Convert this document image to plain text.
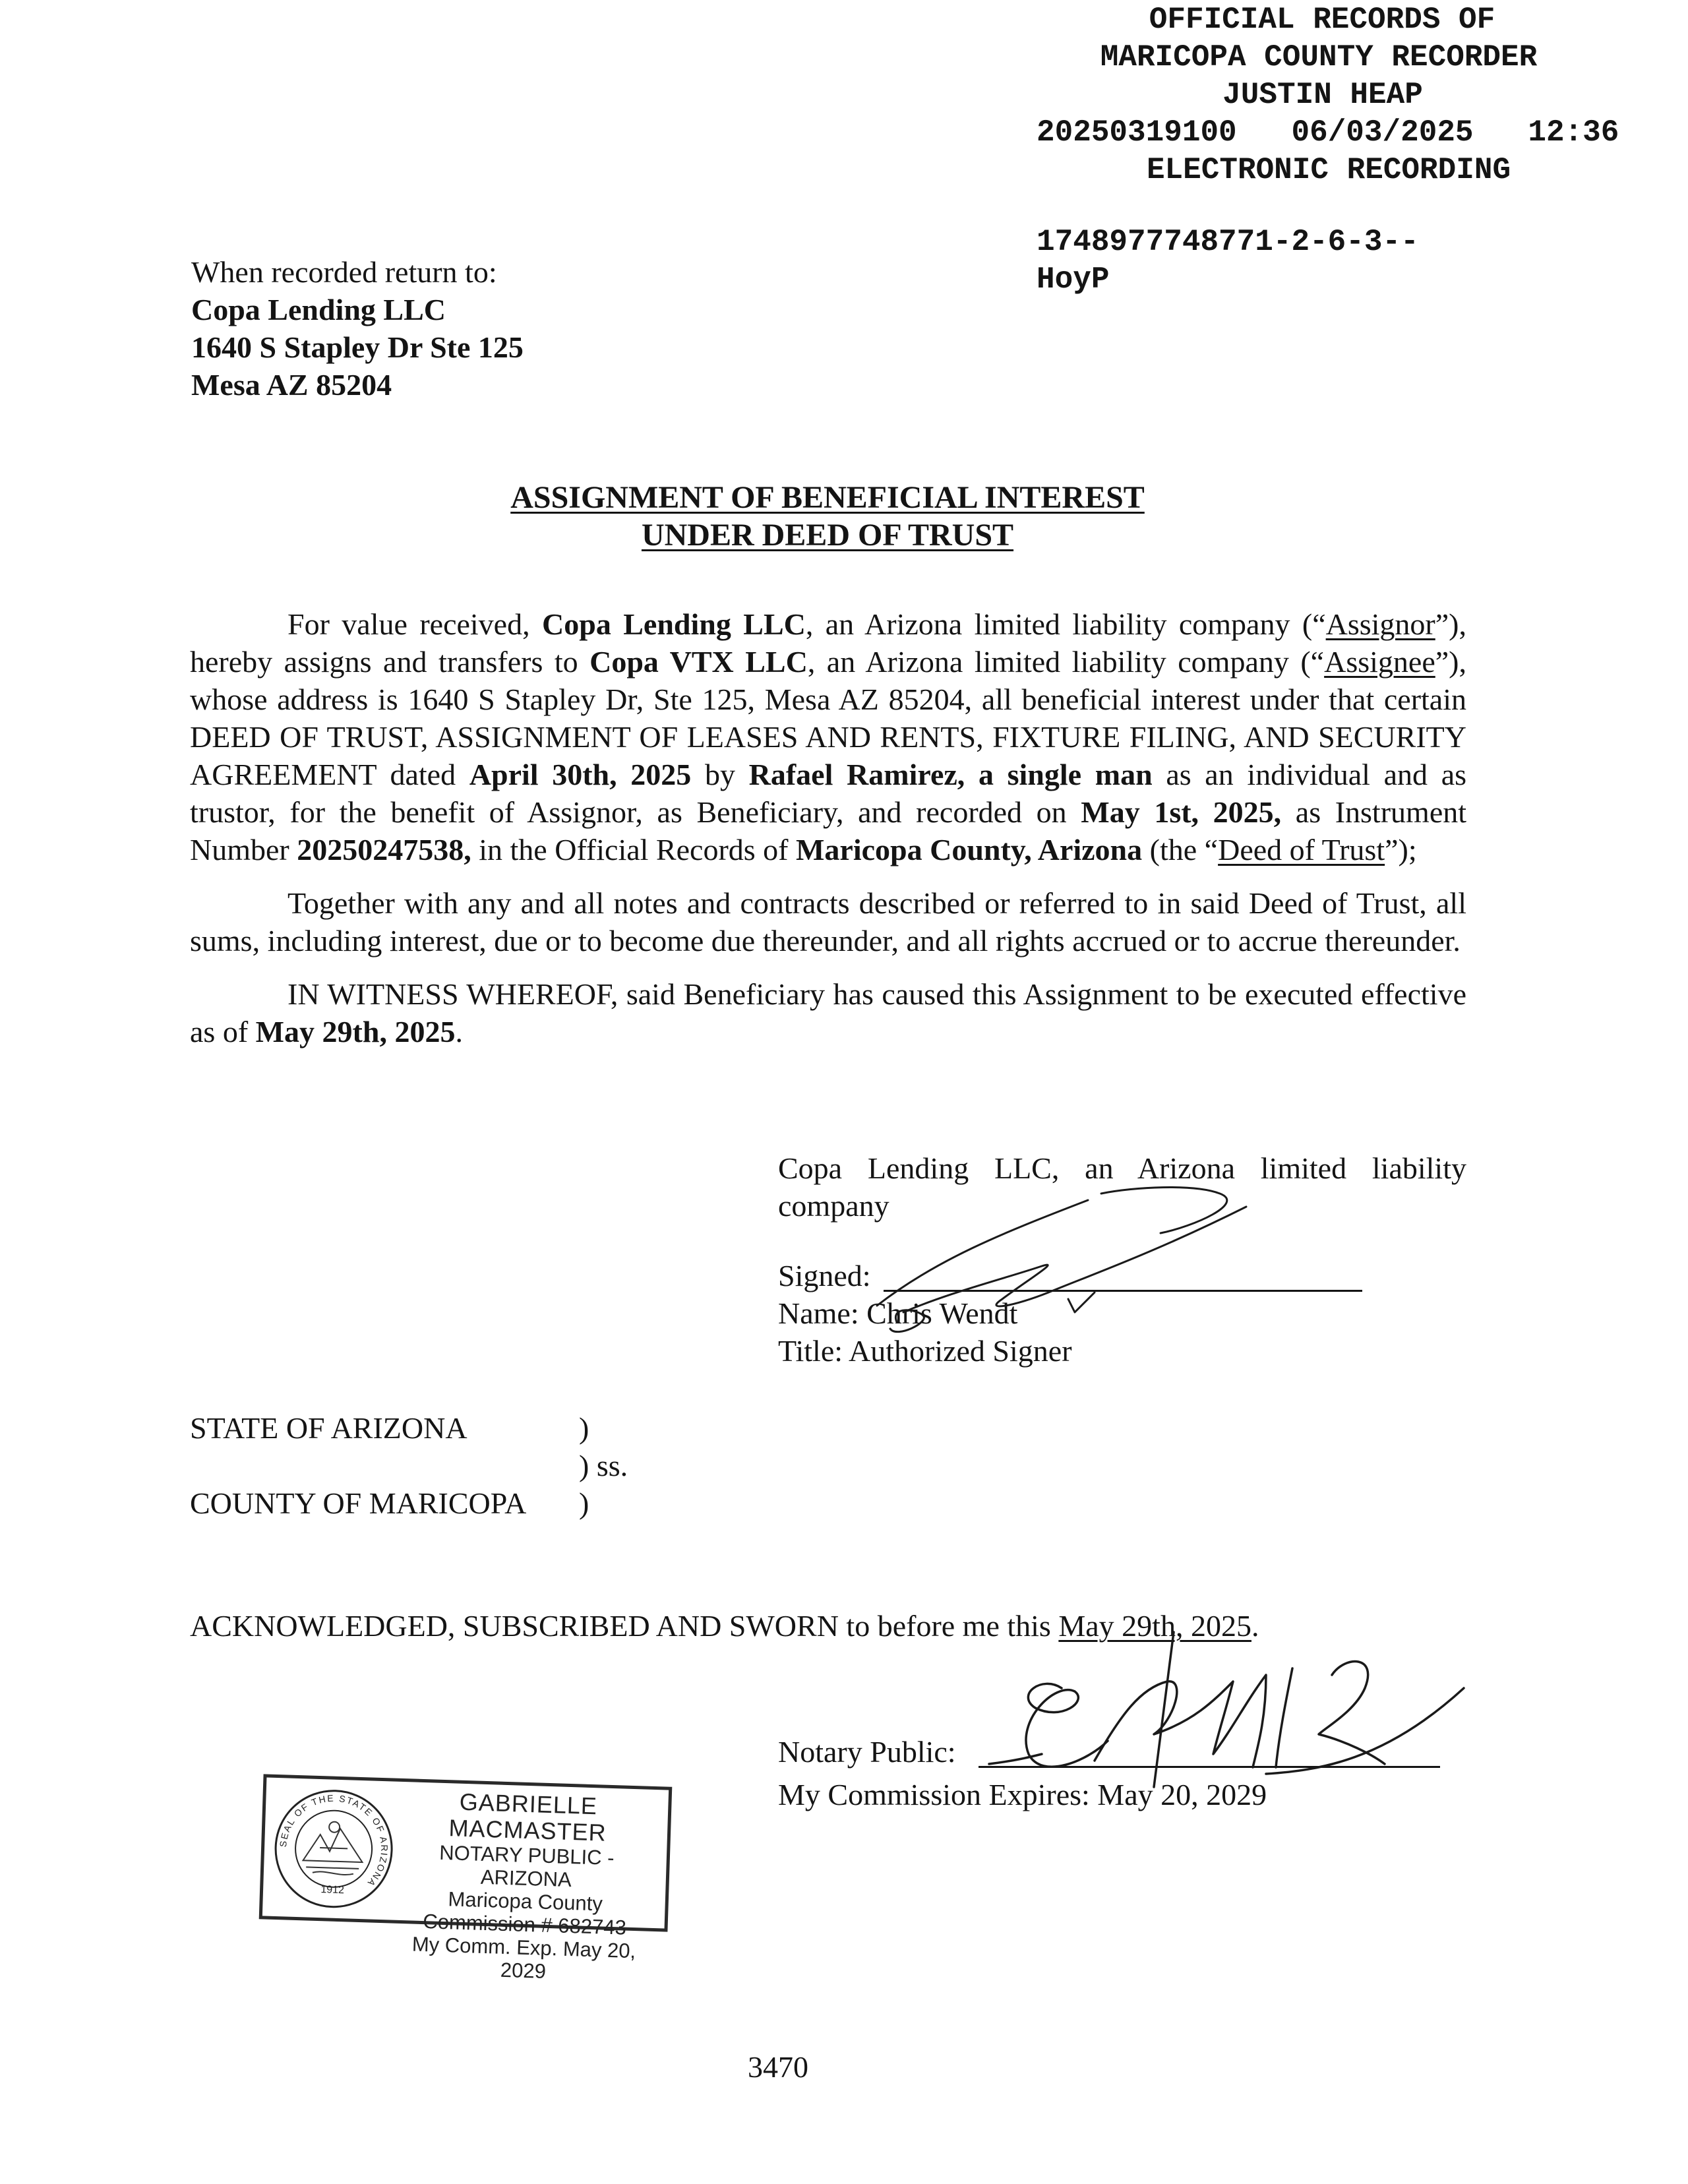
OFFICIAL RECORDS OF
MARICOPA COUNTY RECORDER
JUSTIN HEAP
20250319100 06/03/2025 12:36
ELECTRONIC RECORDING
1748977748771-2-6-3--
HoyP
When recorded return to:
Copa Lending LLC
1640 S Stapley Dr Ste 125
Mesa AZ 85204
ASSIGNMENT OF BENEFICIAL INTEREST
UNDER DEED OF TRUST

For value received, Copa Lending LLC, an Arizona limited liability company (“Assignor”), hereby assigns and transfers to Copa VTX LLC, an Arizona limited liability company (“Assignee”), whose address is 1640 S Stapley Dr, Ste 125, Mesa AZ 85204, all beneficial interest under that certain DEED OF TRUST, ASSIGNMENT OF LEASES AND RENTS, FIXTURE FILING, AND SECURITY AGREEMENT dated April 30th, 2025 by Rafael Ramirez, a single man as an individual and as trustor, for the benefit of Assignor, as Beneficiary, and recorded on May 1st, 2025, as Instrument Number 20250247538, in the Official Records of Maricopa County, Arizona (the “Deed of Trust”);

Together with any and all notes and contracts described or referred to in said Deed of Trust, all sums, including interest, due or to become due thereunder, and all rights accrued or to accrue thereunder.

IN WITNESS WHEREOF, said Beneficiary has caused this Assignment to be executed effective as of May 29th, 2025.

Copa Lending LLC, an Arizona limited liability company
Signed:
Name: Chris Wendt
Title: Authorized Signer
STATE OF ARIZONA	)
) ss.
COUNTY OF MARICOPA )
ACKNOWLEDGED, SUBSCRIBED AND SWORN to before me this May 29th, 2025.
Notary Public:
My Commission Expires: May 20, 2029
SEAL OF THE STATE OF ARIZONA
1912
GABRIELLE MACMASTER
NOTARY PUBLIC - ARIZONA
Maricopa County
Commission # 682743
My Comm. Exp. May 20, 2029
3470
